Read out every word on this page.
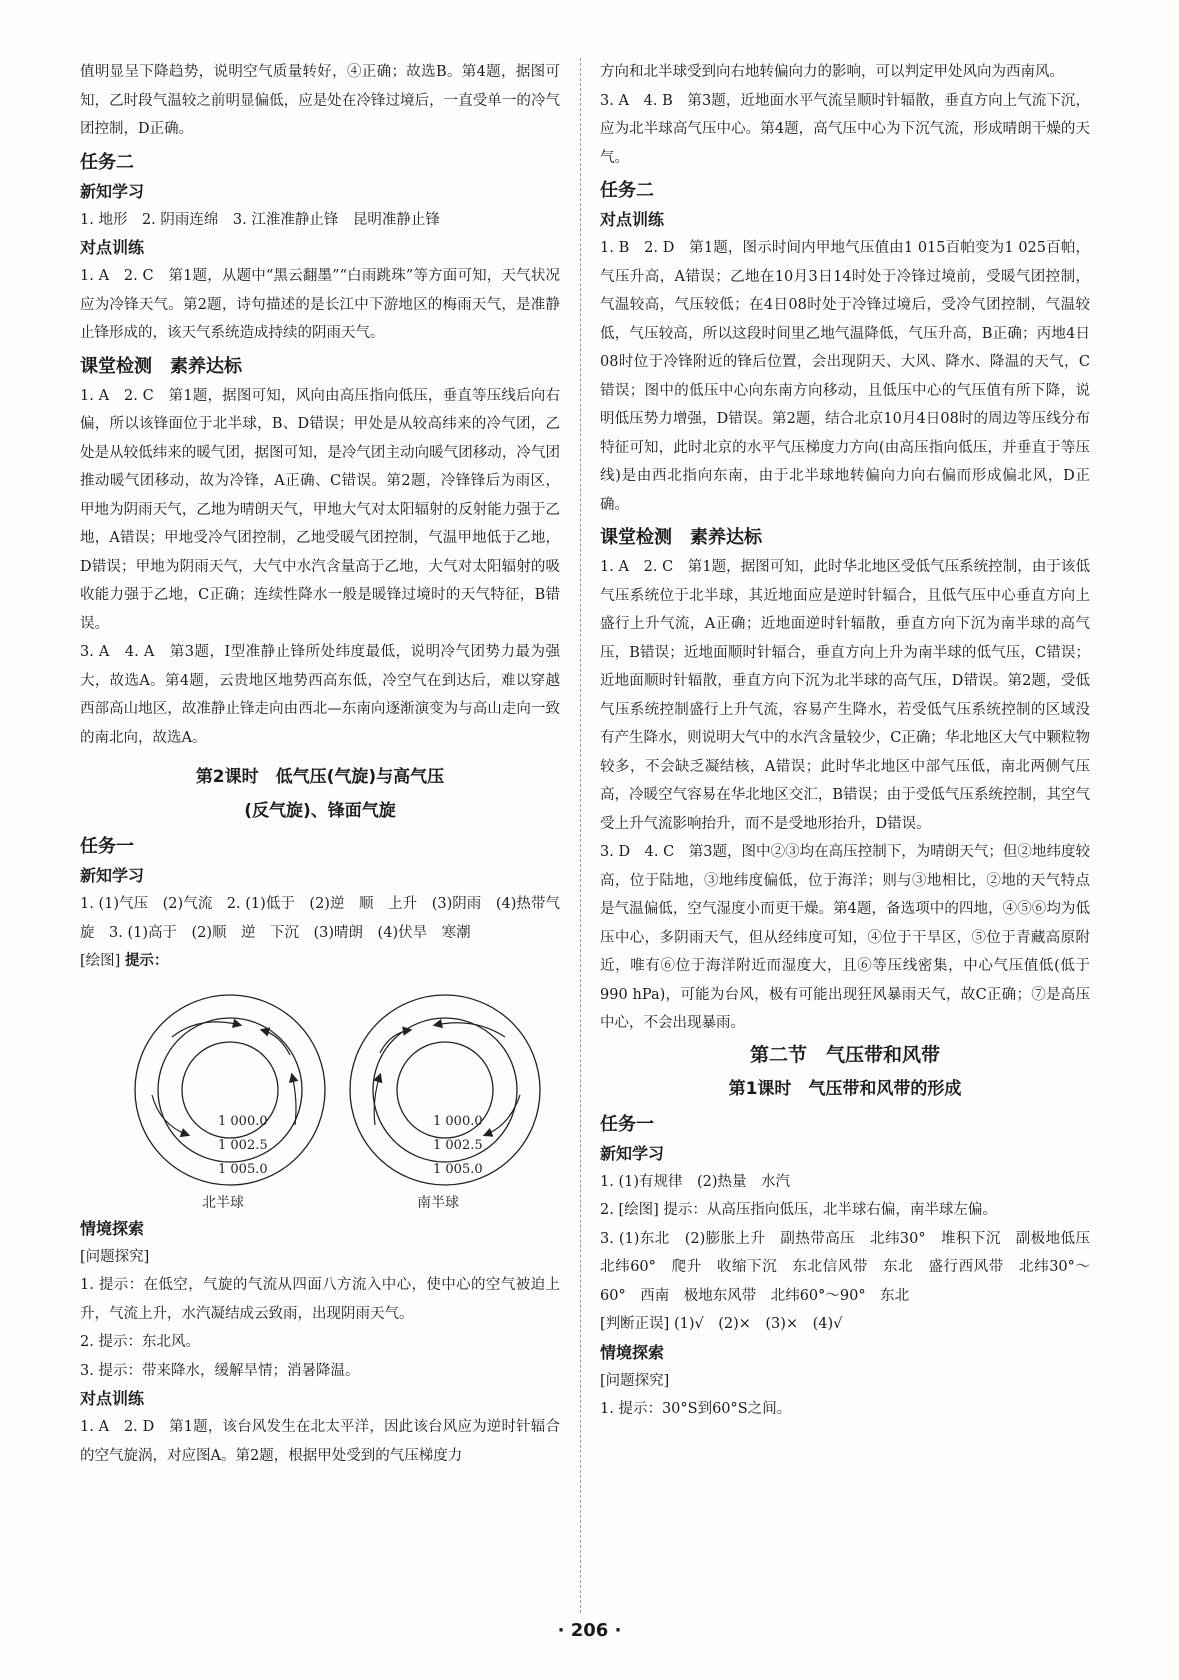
值明显呈下降趋势，说明空气质量转好，④正确；故选B。第4题，据图可知，乙时段气温较之前明显偏低，应是处在冷锋过境后，一直受单一的冷气团控制，D正确。

任务二
新知学习

1. 地形　2. 阴雨连绵　3. 江淮准静止锋　昆明准静止锋

对点训练

1. A　2. C　第1题，从题中“黑云翻墨”“白雨跳珠”等方面可知，天气状况应为冷锋天气。第2题，诗句描述的是长江中下游地区的梅雨天气，是准静止锋形成的，该天气系统造成持续的阴雨天气。

课堂检测　素养达标

1. A　2. C　第1题，据图可知，风向由高压指向低压，垂直等压线后向右偏，所以该锋面位于北半球，B、D错误；甲处是从较高纬来的冷气团，乙处是从较低纬来的暖气团，据图可知，是冷气团主动向暖气团移动，冷气团推动暖气团移动，故为冷锋，A正确、C错误。第2题，冷锋锋后为雨区，甲地为阴雨天气，乙地为晴朗天气，甲地大气对太阳辐射的反射能力强于乙地，A错误；甲地受冷气团控制，乙地受暖气团控制，气温甲地低于乙地，D错误；甲地为阴雨天气，大气中水汽含量高于乙地，大气对太阳辐射的吸收能力强于乙地，C正确；连续性降水一般是暖锋过境时的天气特征，B错误。

3. A　4. A　第3题，Ⅰ型准静止锋所处纬度最低，说明冷气团势力最为强大，故选A。第4题，云贵地区地势西高东低，冷空气在到达后，难以穿越西部高山地区，故准静止锋走向由西北—东南向逐渐演变为与高山走向一致的南北向，故选A。

第2课时　低气压(气旋)与高气压
(反气旋)、锋面气旋
任务一
新知学习

1. (1)气压　(2)气流　2. (1)低于　(2)逆　顺　上升　(3)阴雨　(4)热带气旋　3. (1)高于　(2)顺　逆　下沉　(3)晴朗　(4)伏旱　寒潮

[绘图] 提示：
1 000.0
1 002.5
1 005.0
北半球
1 000.0
1 002.5
1 005.0
南半球
情境探索
[问题探究]

1. 提示：在低空，气旋的气流从四面八方流入中心，使中心的空气被迫上升，气流上升，水汽凝结成云致雨，出现阴雨天气。

2. 提示：东北风。

3. 提示：带来降水，缓解旱情；消暑降温。

对点训练

1. A　2. D　第1题，该台风发生在北太平洋，因此该台风应为逆时针辐合的空气旋涡，对应图A。第2题，根据甲处受到的气压梯度力

方向和北半球受到向右地转偏向力的影响，可以判定甲处风向为西南风。

3. A　4. B　第3题，近地面水平气流呈顺时针辐散，垂直方向上气流下沉，应为北半球高气压中心。第4题，高气压中心为下沉气流，形成晴朗干燥的天气。

任务二
对点训练

1. B　2. D　第1题，图示时间内甲地气压值由1 015百帕变为1 025百帕，气压升高，A错误；乙地在10月3日14时处于冷锋过境前，受暖气团控制，气温较高，气压较低；在4日08时处于冷锋过境后，受冷气团控制，气温较低，气压较高，所以这段时间里乙地气温降低，气压升高，B正确；丙地4日08时位于冷锋附近的锋后位置，会出现阴天、大风、降水、降温的天气，C错误；图中的低压中心向东南方向移动，且低压中心的气压值有所下降，说明低压势力增强，D错误。第2题，结合北京10月4日08时的周边等压线分布特征可知，此时北京的水平气压梯度力方向(由高压指向低压，并垂直于等压线)是由西北指向东南，由于北半球地转偏向力向右偏而形成偏北风，D正确。

课堂检测　素养达标

1. A　2. C　第1题，据图可知，此时华北地区受低气压系统控制，由于该低气压系统位于北半球，其近地面应是逆时针辐合，且低气压中心垂直方向上盛行上升气流，A正确；近地面逆时针辐散，垂直方向下沉为南半球的高气压，B错误；近地面顺时针辐合，垂直方向上升为南半球的低气压，C错误；近地面顺时针辐散，垂直方向下沉为北半球的高气压，D错误。第2题，受低气压系统控制盛行上升气流，容易产生降水，若受低气压系统控制的区域没有产生降水，则说明大气中的水汽含量较少，C正确；华北地区大气中颗粒物较多，不会缺乏凝结核，A错误；此时华北地区中部气压低，南北两侧气压高，冷暖空气容易在华北地区交汇，B错误；由于受低气压系统控制，其空气受上升气流影响抬升，而不是受地形抬升，D错误。

3. D　4. C　第3题，图中②③均在高压控制下，为晴朗天气；但②地纬度较高，位于陆地，③地纬度偏低，位于海洋；则与③地相比，②地的天气特点是气温偏低，空气湿度小而更干燥。第4题，备选项中的四地，④⑤⑥均为低压中心，多阴雨天气，但从经纬度可知，④位于干旱区，⑤位于青藏高原附近，唯有⑥位于海洋附近而湿度大，且⑥等压线密集，中心气压值低(低于990 hPa)，可能为台风，极有可能出现狂风暴雨天气，故C正确；⑦是高压中心，不会出现暴雨。

第二节　气压带和风带
第1课时　气压带和风带的形成
任务一
新知学习

1. (1)有规律　(2)热量　水汽

2. [绘图] 提示：从高压指向低压，北半球右偏，南半球左偏。

3. (1)东北　(2)膨胀上升　副热带高压　北纬30°　堆积下沉　副极地低压　北纬60°　爬升　收缩下沉　东北信风带　东北　盛行西风带　北纬30°～60°　西南　极地东风带　北纬60°～90°　东北

[判断正误] (1)√　(2)×　(3)×　(4)√

情境探索
[问题探究]

1. 提示：30°S到60°S之间。

· 206 ·
